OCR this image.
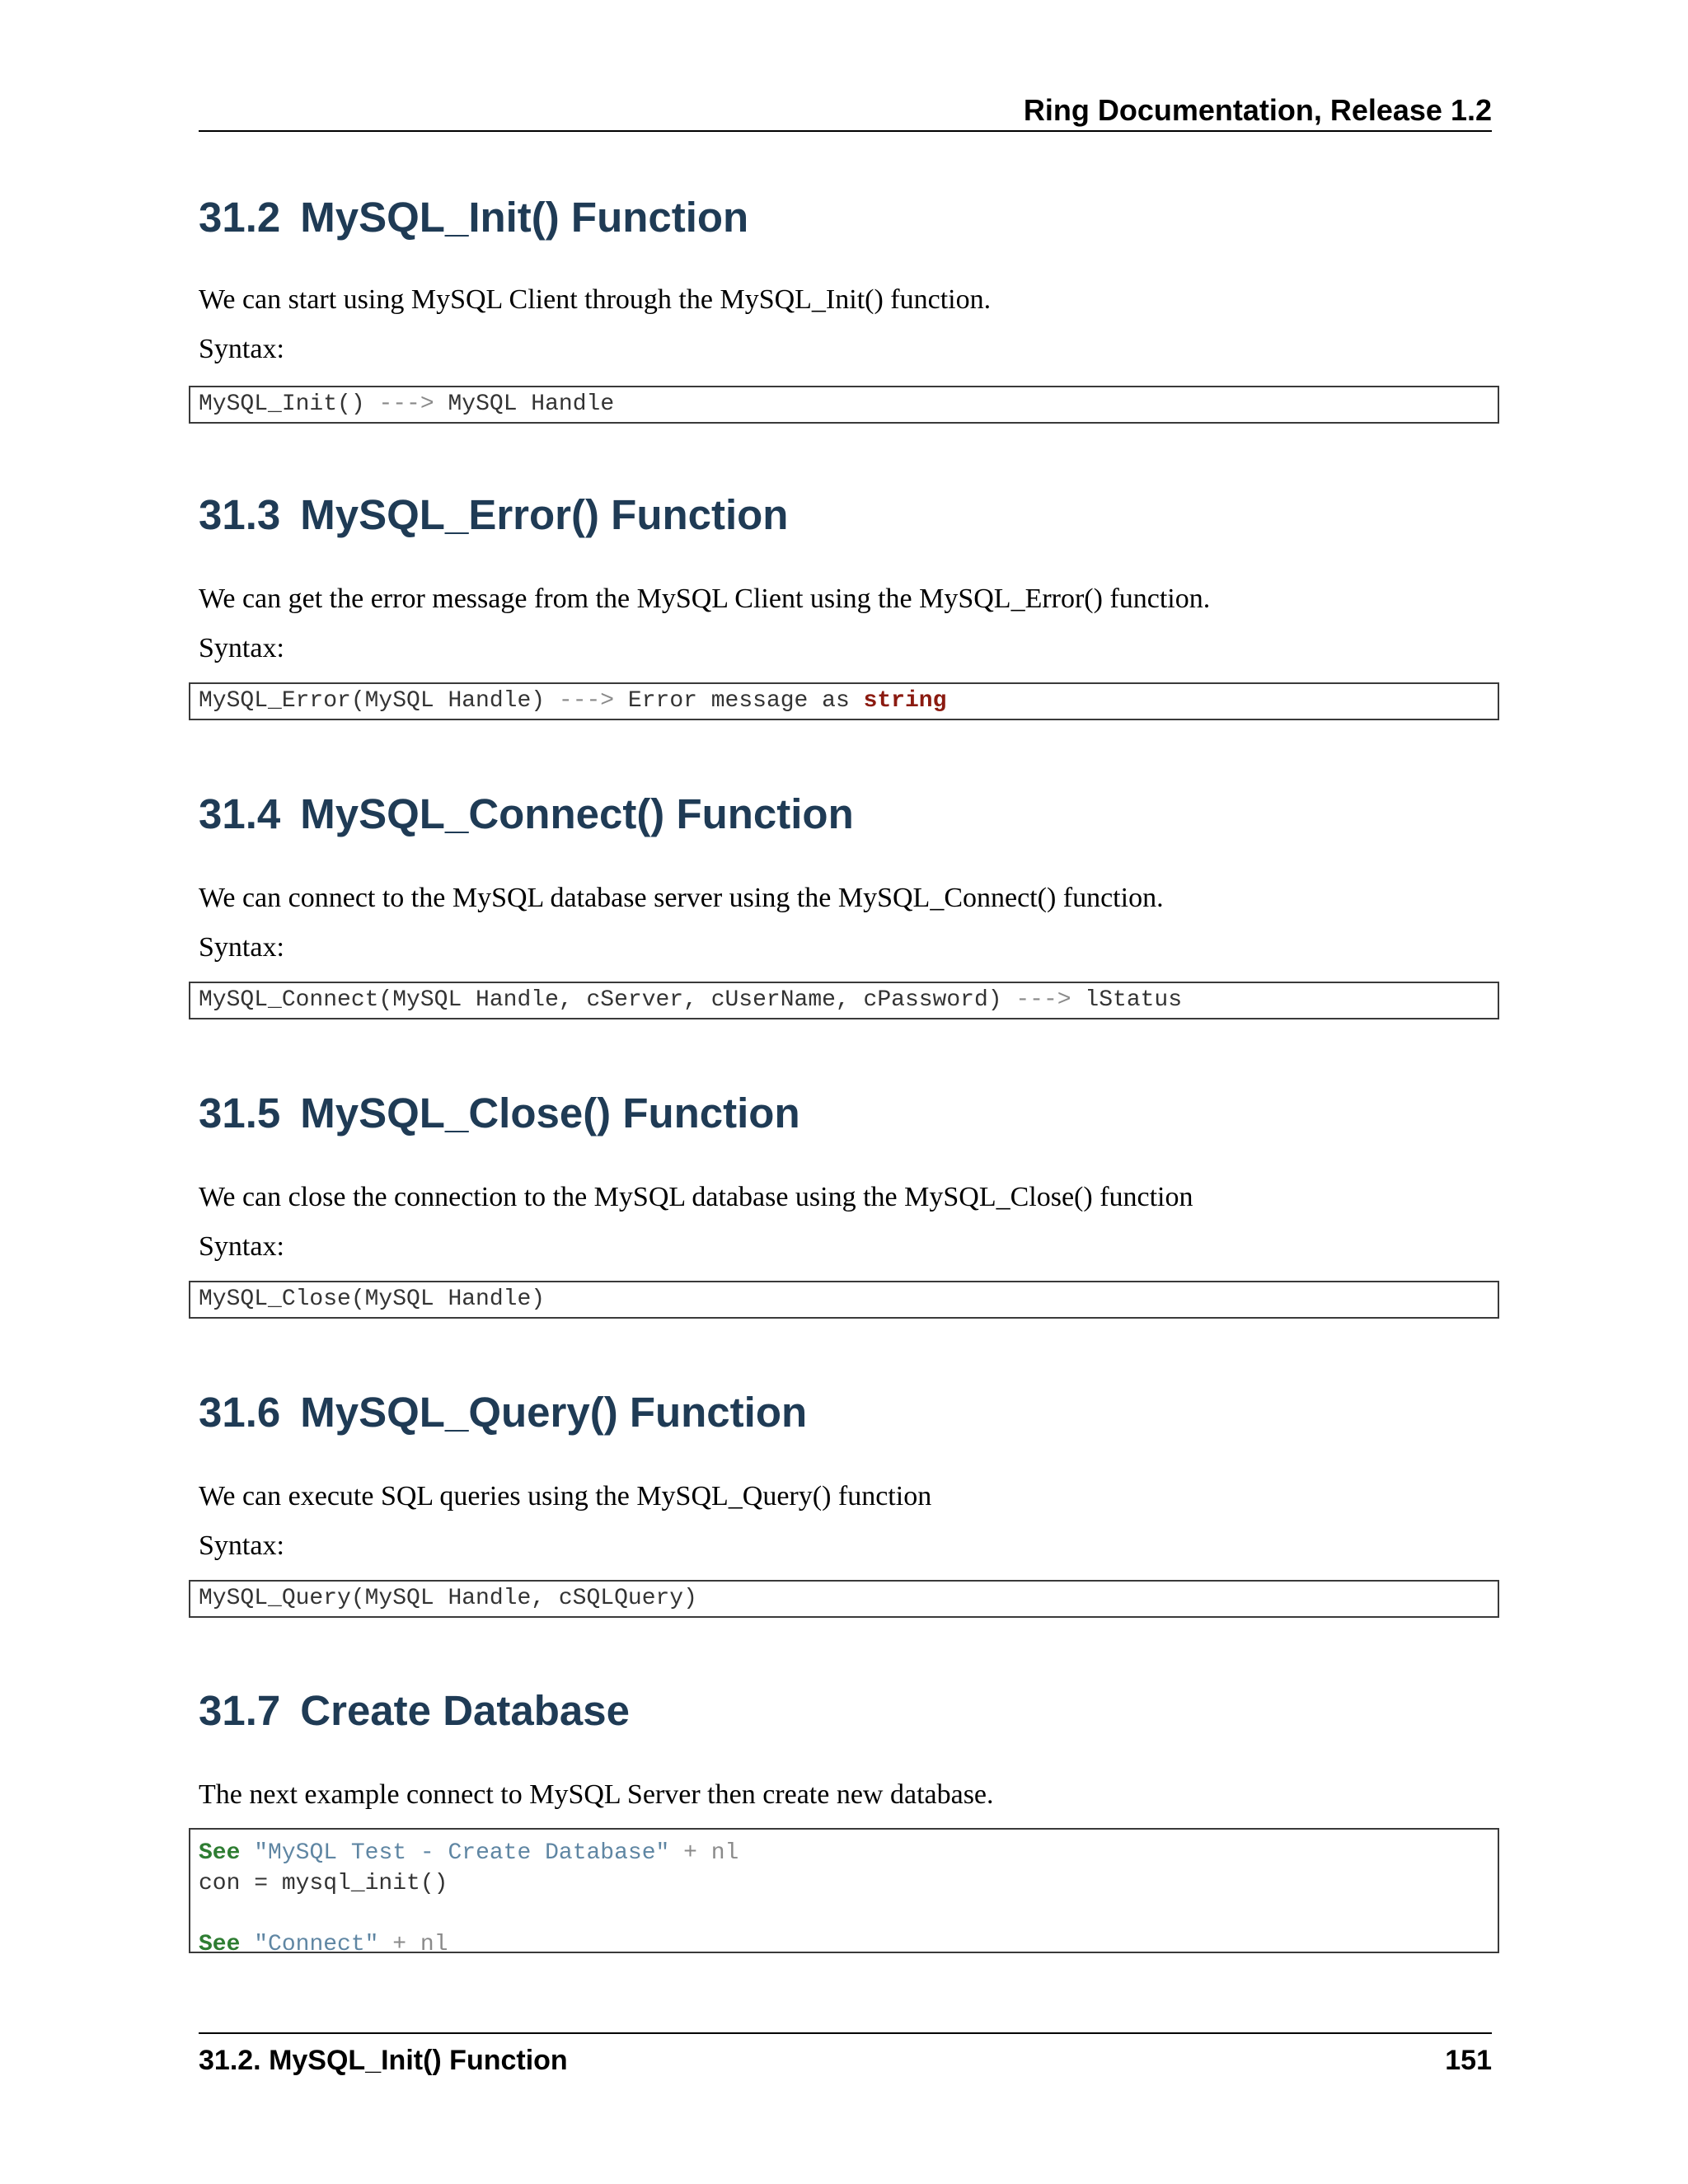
Ring Documentation, Release 1.2
31.2 MySQL_Init() Function

We can start using MySQL Client through the MySQL_Init() function.

Syntax:

MySQL_Init() ---> MySQL Handle
31.3 MySQL_Error() Function

We can get the error message from the MySQL Client using the MySQL_Error() function.

Syntax:

MySQL_Error(MySQL Handle) ---> Error message as string
31.4 MySQL_Connect() Function

We can connect to the MySQL database server using the MySQL_Connect() function.

Syntax:

MySQL_Connect(MySQL Handle, cServer, cUserName, cPassword) ---> lStatus
31.5 MySQL_Close() Function

We can close the connection to the MySQL database using the MySQL_Close() function

Syntax:

MySQL_Close(MySQL Handle)
31.6 MySQL_Query() Function

We can execute SQL queries using the MySQL_Query() function

Syntax:

MySQL_Query(MySQL Handle, cSQLQuery)
31.7 Create Database

The next example connect to MySQL Server then create new database.

See "MySQL Test - Create Database" + nl
con = mysql_init()
See "Connect" + nl
31.2. MySQL_Init() Function	151
